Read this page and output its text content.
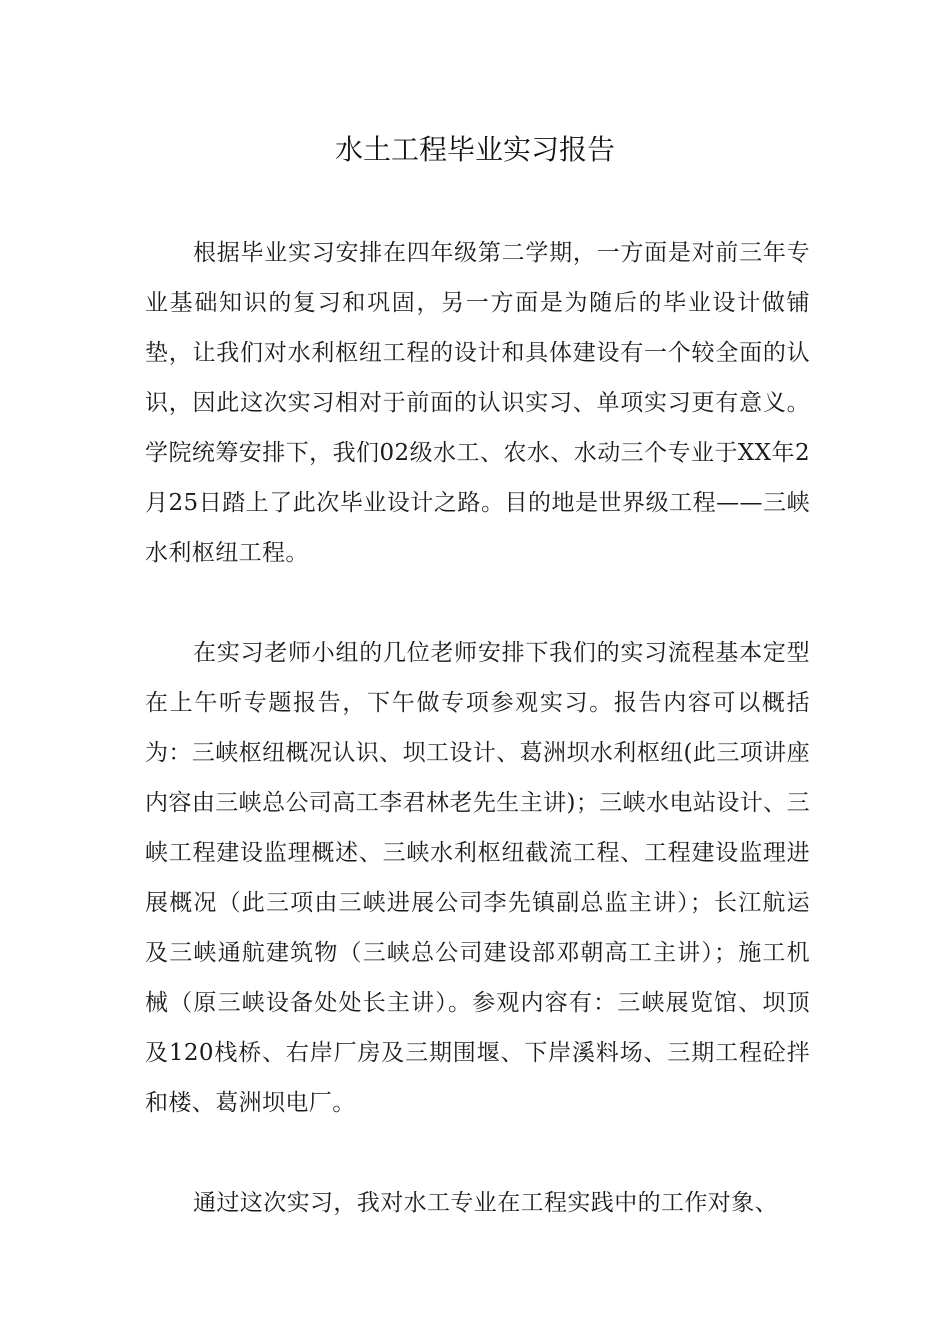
水土工程毕业实习报告

根据毕业实习安排在四年级第二学期，一方面是对前三年专业基础知识的复习和巩固，另一方面是为随后的毕业设计做铺垫，让我们对水利枢纽工程的设计和具体建设有一个较全面的认识，因此这次实习相对于前面的认识实习、单项实习更有意义。学院统筹安排下，我们02级水工、农水、水动三个专业于XX年2月25日踏上了此次毕业设计之路。目的地是世界级工程——三峡水利枢纽工程。

在实习老师小组的几位老师安排下我们的实习流程基本定型在上午听专题报告，下午做专项参观实习。报告内容可以概括为：三峡枢纽概况认识、坝工设计、葛洲坝水利枢纽(此三项讲座内容由三峡总公司高工李君林老先生主讲)；三峡水电站设计、三峡工程建设监理概述、三峡水利枢纽截流工程、工程建设监理进展概况（此三项由三峡进展公司李先镇副总监主讲）；长江航运及三峡通航建筑物（三峡总公司建设部邓朝高工主讲）；施工机械（原三峡设备处处长主讲）。参观内容有：三峡展览馆、坝顶及120栈桥、右岸厂房及三期围堰、下岸溪料场、三期工程砼拌和楼、葛洲坝电厂。

通过这次实习，我对水工专业在工程实践中的工作对象、
